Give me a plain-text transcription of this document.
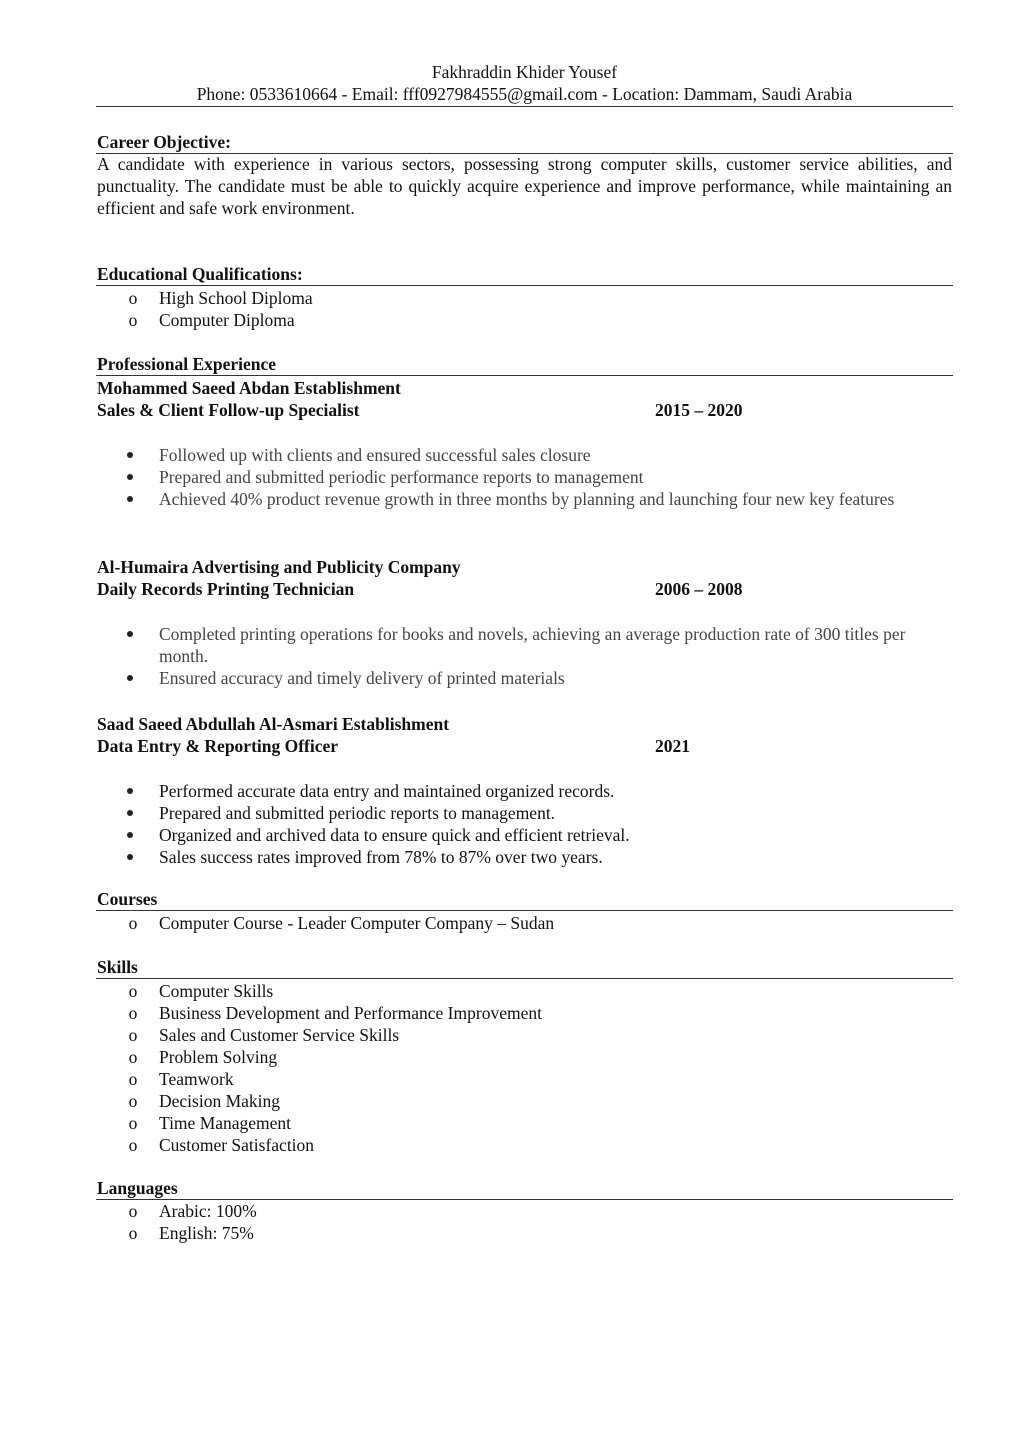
Fakhraddin Khider Yousef
Phone: 0533610664 - Email: fff0927984555@gmail.com - Location: Dammam, Saudi Arabia
Career Objective:
A candidate with experience in various sectors, possessing strong computer skills, customer service abilities, and punctuality. The candidate must be able to quickly acquire experience and improve performance, while maintaining an efficient and safe work environment.
Educational Qualifications:
o High School Diploma
o Computer Diploma
Professional Experience
Mohammed Saeed Abdan Establishment
Sales & Client Follow-up Specialist	2015 – 2020
Followed up with clients and ensured successful sales closure
Prepared and submitted periodic performance reports to management
Achieved 40% product revenue growth in three months by planning and launching four new key features
Al-Humaira Advertising and Publicity Company
Daily Records Printing Technician	2006 – 2008
Completed printing operations for books and novels, achieving an average production rate of 300 titles per month.
Ensured accuracy and timely delivery of printed materials
Saad Saeed Abdullah Al-Asmari Establishment
Data Entry & Reporting Officer	2021
Performed accurate data entry and maintained organized records.
Prepared and submitted periodic reports to management.
Organized and archived data to ensure quick and efficient retrieval.
Sales success rates improved from 78% to 87% over two years.
Courses
o Computer Course - Leader Computer Company – Sudan
Skills
o Computer Skills
o Business Development and Performance Improvement
o Sales and Customer Service Skills
o Problem Solving
o Teamwork
o Decision Making
o Time Management
o Customer Satisfaction
Languages
o Arabic: 100%
o English: 75%
